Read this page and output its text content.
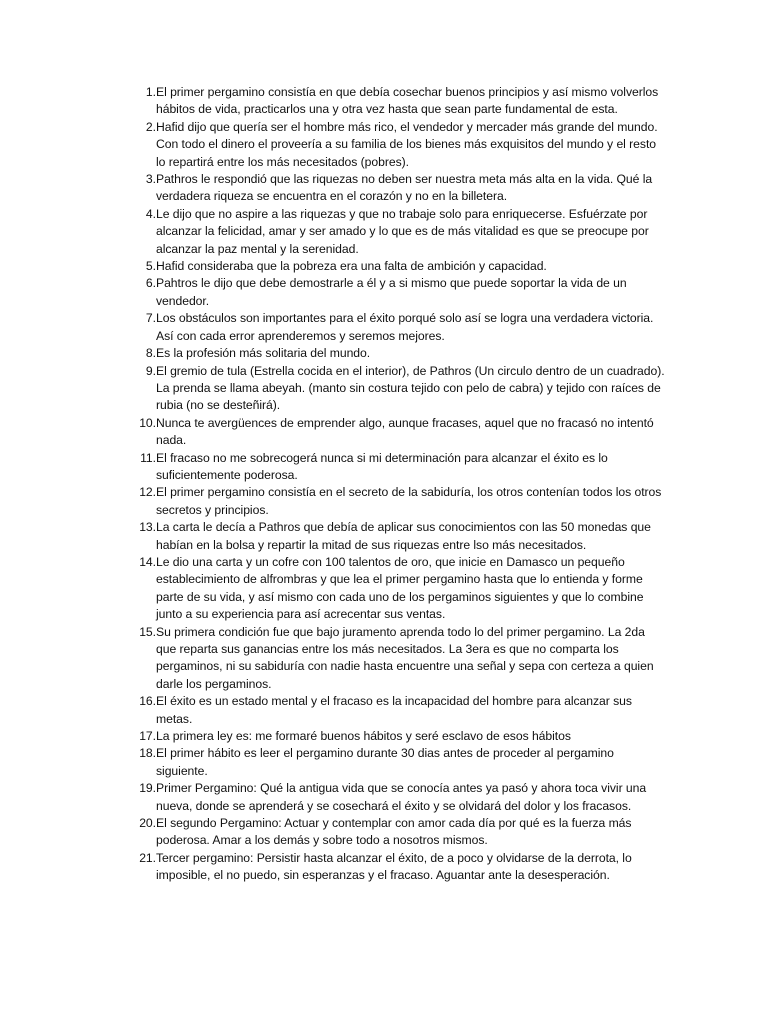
1. El primer pergamino consistía en que debía cosechar buenos principios y así mismo volverlos hábitos de vida, practicarlos una y otra vez hasta que sean parte fundamental de esta.
2. Hafid dijo que quería ser el hombre más rico, el vendedor y mercader más grande del mundo. Con todo el dinero el proveería a su familia de los bienes más exquisitos del mundo y el resto lo repartirá entre los más necesitados (pobres).
3. Pathros le respondió que las riquezas no deben ser nuestra meta más alta en la vida. Qué la verdadera riqueza se encuentra en el corazón y no en la billetera.
4. Le dijo que no aspire a las riquezas y que no trabaje solo para enriquecerse. Esfuérzate por alcanzar la felicidad, amar y ser amado y lo que es de más vitalidad es que se preocupe por alcanzar la paz mental y la serenidad.
5. Hafid consideraba que la pobreza era una falta de ambición y capacidad.
6. Pahtros le dijo que debe demostrarle a él y a si mismo que puede soportar la vida de un vendedor.
7. Los obstáculos son importantes para el éxito porqué solo así se logra una verdadera victoria. Así con cada error aprenderemos y seremos mejores.
8. Es la profesión más solitaria del mundo.
9. El gremio de tula (Estrella cocida en el interior), de Pathros (Un circulo dentro de un cuadrado). La prenda se llama abeyah. (manto sin costura tejido con pelo de cabra) y tejido con raíces de rubia (no se desteñirá).
10. Nunca te avergüences de emprender algo, aunque fracases, aquel que no fracasó no intentó nada.
11. El fracaso no me sobrecogerá nunca si mi determinación para alcanzar el éxito es lo suficientemente poderosa.
12. El primer pergamino consistía en el secreto de la sabiduría, los otros contenían todos los otros secretos y principios.
13. La carta le decía a Pathros que debía de aplicar sus conocimientos con las 50 monedas que habían en la bolsa y repartir la mitad de sus riquezas entre lso más necesitados.
14. Le dio una carta y un cofre con 100 talentos de oro, que inicie en Damasco un pequeño establecimiento de alfrombras y que lea el primer pergamino hasta que lo entienda y forme parte de su vida, y así mismo con cada uno de los pergaminos siguientes y que lo combine junto a su experiencia para así acrecentar sus ventas.
15. Su primera condición fue que bajo juramento aprenda todo lo del primer pergamino. La 2da que reparta sus ganancias entre los más necesitados. La 3era es que no comparta los pergaminos, ni su sabiduría con nadie hasta encuentre una señal y sepa con certeza a quien darle los pergaminos.
16. El éxito es un estado mental y el fracaso es la incapacidad del hombre para alcanzar sus metas.
17. La primera ley es: me formaré buenos hábitos y seré esclavo de esos hábitos
18. El primer hábito es leer el pergamino durante 30 dias antes de proceder al pergamino siguiente.
19. Primer Pergamino: Qué la antigua vida que se conocía antes ya pasó y ahora toca vivir una nueva, donde se aprenderá y se cosechará el éxito y se olvidará del dolor y los fracasos.
20. El segundo Pergamino: Actuar y contemplar con amor cada día por qué es la fuerza más poderosa. Amar a los demás y sobre todo a nosotros mismos.
21. Tercer pergamino: Persistir hasta alcanzar el éxito, de a poco y olvidarse de la derrota, lo imposible, el no puedo, sin esperanzas y el fracaso. Aguantar ante la desesperación.
